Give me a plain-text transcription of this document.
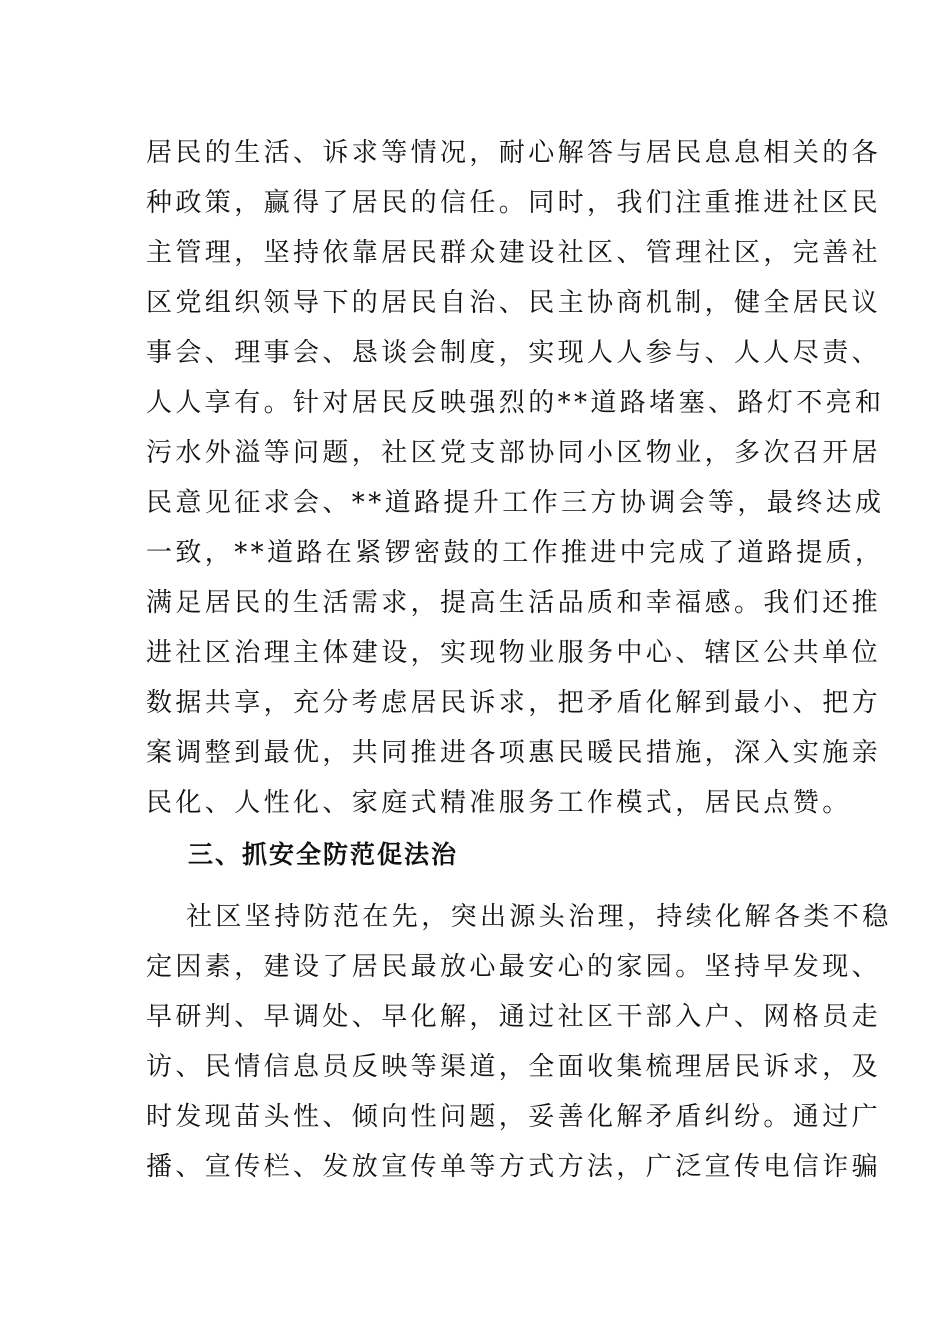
居民的生活、诉求等情况，耐心解答与居民息息相关的各
种政策，赢得了居民的信任。同时，我们注重推进社区民
主管理，坚持依靠居民群众建设社区、管理社区，完善社
区党组织领导下的居民自治、民主协商机制，健全居民议
事会、理事会、恳谈会制度，实现人人参与、人人尽责、
人人享有。针对居民反映强烈的**道路堵塞、路灯不亮和
污水外溢等问题，社区党支部协同小区物业，多次召开居
民意见征求会、**道路提升工作三方协调会等，最终达成
一致，**道路在紧锣密鼓的工作推进中完成了道路提质，
满足居民的生活需求，提高生活品质和幸福感。我们还推
进社区治理主体建设，实现物业服务中心、辖区公共单位
数据共享，充分考虑居民诉求，把矛盾化解到最小、把方
案调整到最优，共同推进各项惠民暖民措施，深入实施亲
民化、人性化、家庭式精准服务工作模式，居民点赞。
三、抓安全防范促法治
社区坚持防范在先，突出源头治理，持续化解各类不稳
定因素，建设了居民最放心最安心的家园。坚持早发现、
早研判、早调处、早化解，通过社区干部入户、网格员走
访、民情信息员反映等渠道，全面收集梳理居民诉求，及
时发现苗头性、倾向性问题，妥善化解矛盾纠纷。通过广
播、宣传栏、发放宣传单等方式方法，广泛宣传电信诈骗
